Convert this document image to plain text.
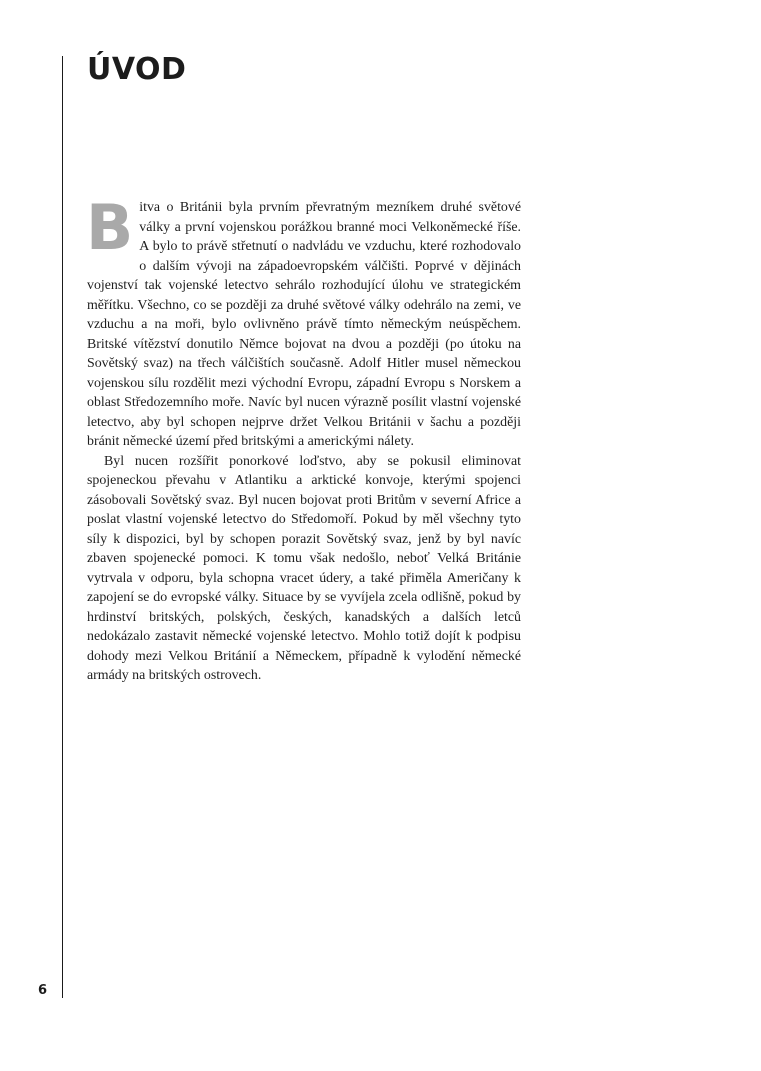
ÚVOD

Bitva o Británii byla prvním převratným mezníkem druhé světové války a první vojenskou porážkou branné moci Velkoněmecké říše. A bylo to právě střetnutí o nadvládu ve vzduchu, které rozhodovalo o dalším vývoji na západoevropském válčišti. Poprvé v dějinách vojenství tak vojenské letectvo sehrálo rozhodující úlohu ve strategickém měřítku. Všechno, co se později za druhé světové války odehrálo na zemi, ve vzduchu a na moři, bylo ovlivněno právě tímto německým neúspěchem. Britské vítězství donutilo Němce bojovat na dvou a později (po útoku na Sovětský svaz) na třech válčištích současně. Adolf Hitler musel německou vojenskou sílu rozdělit mezi východní Evropu, západní Evropu s Norskem a oblast Středozemního moře. Navíc byl nucen výrazně posílit vlastní vojenské letectvo, aby byl schopen nejprve držet Velkou Británii v šachu a později bránit německé území před britskými a americkými nálety.

Byl nucen rozšířit ponorkové loďstvo, aby se pokusil eliminovat spojeneckou převahu v Atlantiku a arktické konvoje, kterými spojenci zásobovali Sovětský svaz. Byl nucen bojovat proti Britům v severní Africe a poslat vlastní vojenské letectvo do Středomoří. Pokud by měl všechny tyto síly k dispozici, byl by schopen porazit Sovětský svaz, jenž by byl navíc zbaven spojenecké pomoci. K tomu však nedošlo, neboť Velká Británie vytrvala v odporu, byla schopna vracet údery, a také přiměla Američany k zapojení se do evropské války. Situace by se vyvíjela zcela odlišně, pokud by hrdinství britských, polských, českých, kanadských a dalších letců nedokázalo zastavit německé vojenské letectvo. Mohlo totiž dojít k podpisu dohody mezi Velkou Británií a Německem, případně k vylodění německé armády na britských ostrovech.

6
